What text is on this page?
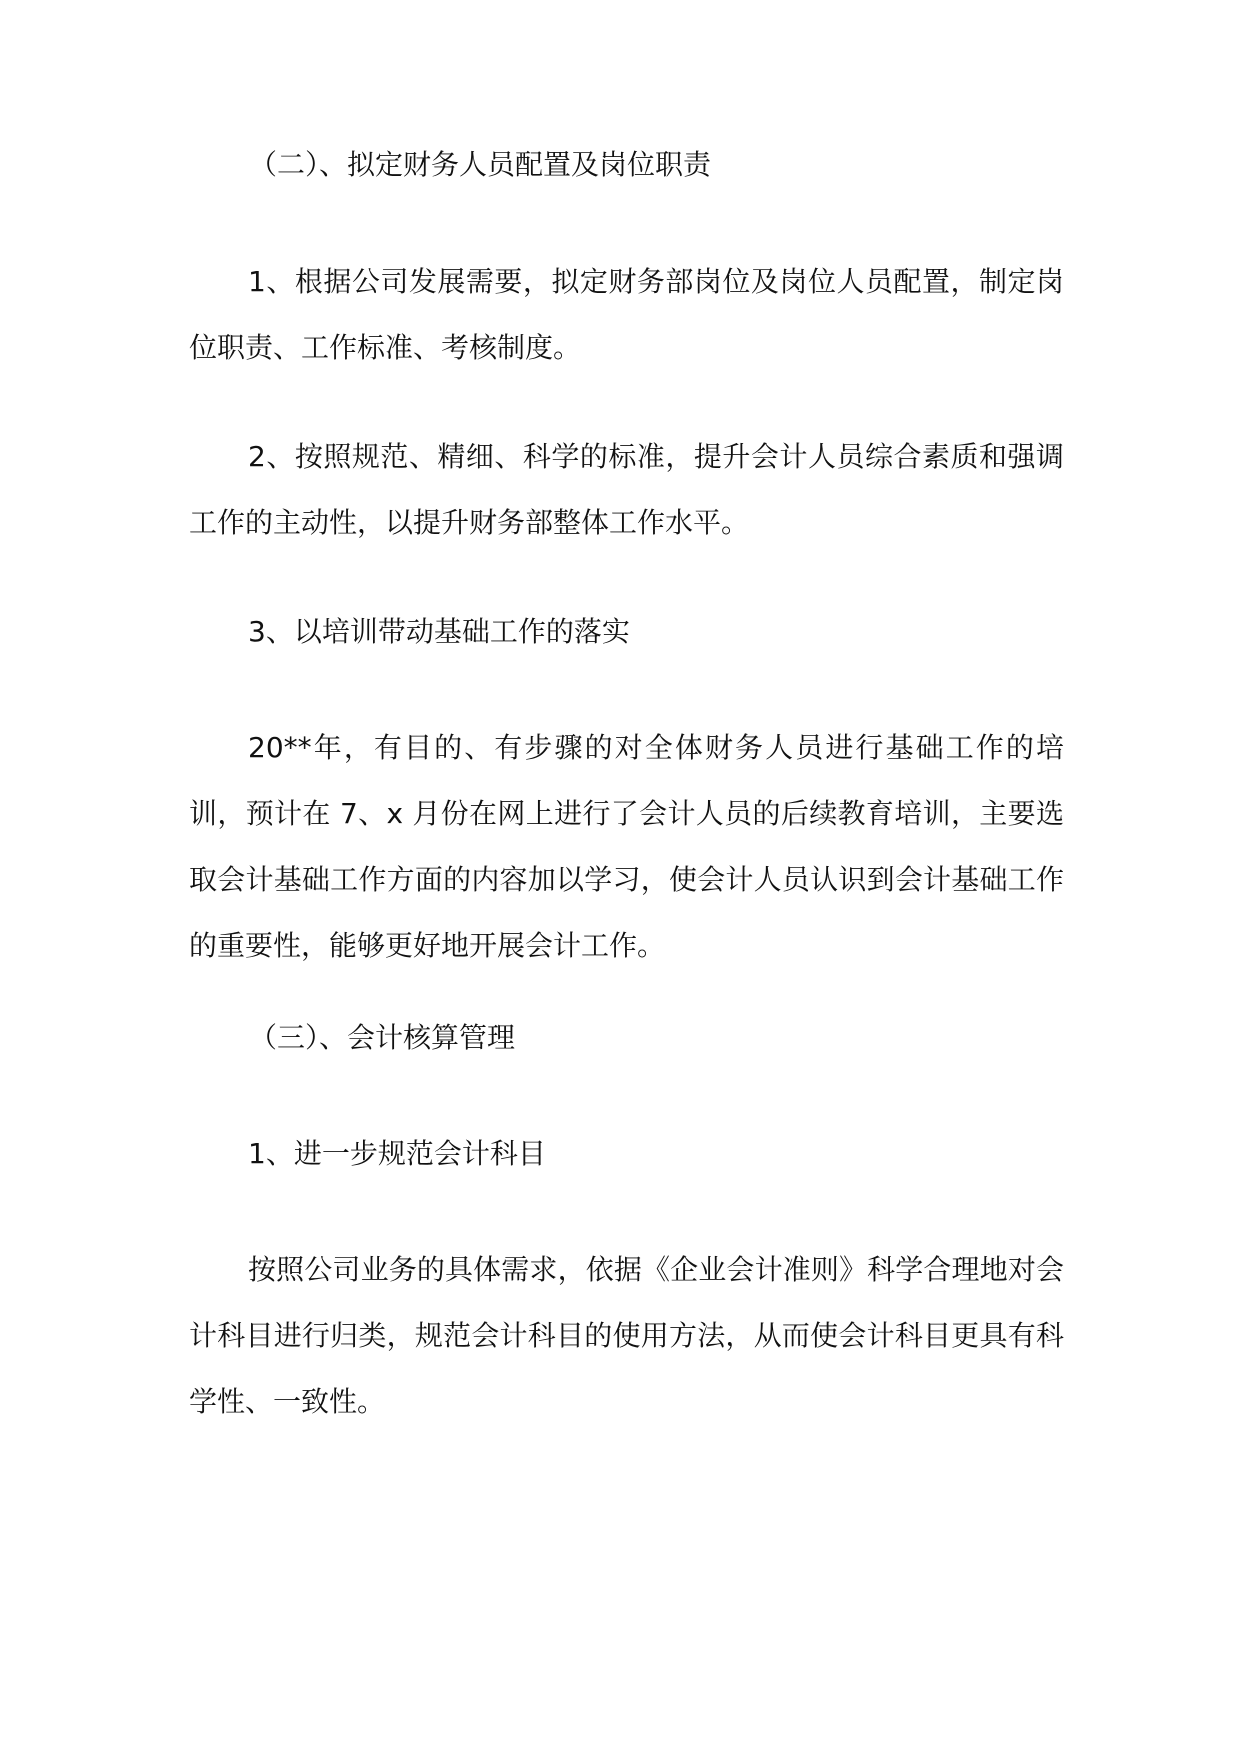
（二）、拟定财务人员配置及岗位职责

1、根据公司发展需要，拟定财务部岗位及岗位人员配置，制定岗位职责、工作标准、考核制度。

2、按照规范、精细、科学的标准，提升会计人员综合素质和强调工作的主动性，以提升财务部整体工作水平。

3、以培训带动基础工作的落实

20**年，有目的、有步骤的对全体财务人员进行基础工作的培训，预计在 7、x 月份在网上进行了会计人员的后续教育培训，主要选取会计基础工作方面的内容加以学习，使会计人员认识到会计基础工作的重要性，能够更好地开展会计工作。

（三）、会计核算管理

1、进一步规范会计科目

按照公司业务的具体需求，依据《企业会计准则》科学合理地对会计科目进行归类，规范会计科目的使用方法，从而使会计科目更具有科学性、一致性。
